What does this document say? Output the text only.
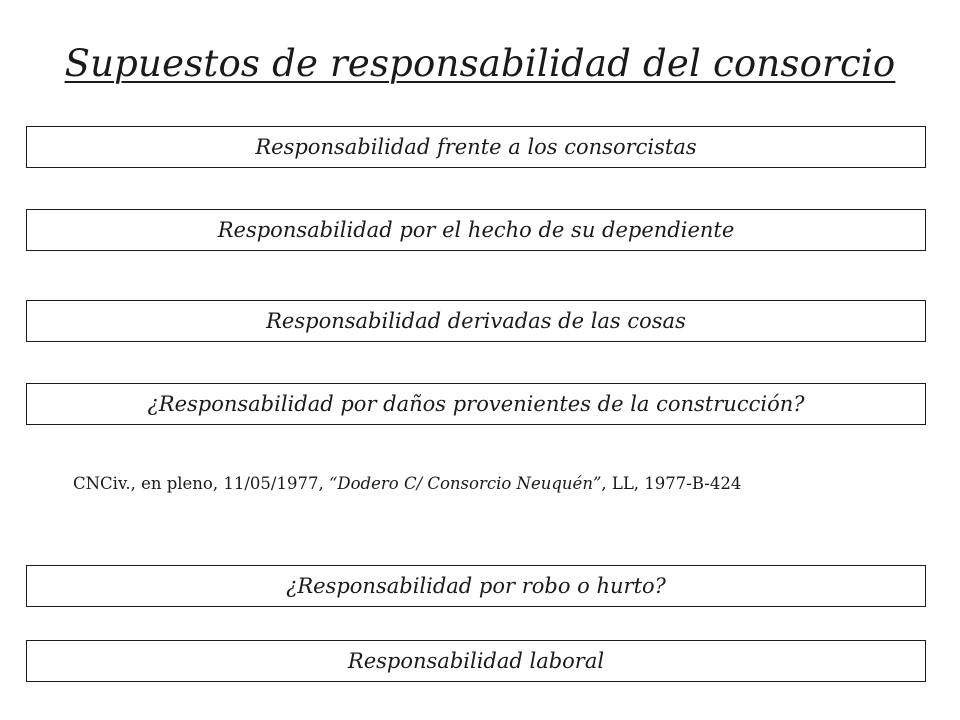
Supuestos de responsabilidad del consorcio
Responsabilidad frente a los consorcistas
Responsabilidad por el hecho de su dependiente
Responsabilidad derivadas de las cosas
¿Responsabilidad por daños provenientes de la construcción?
CNCiv., en pleno, 11/05/1977, “Dodero C/ Consorcio Neuquén”, LL, 1977-B-424
¿Responsabilidad por robo o hurto?
Responsabilidad laboral
